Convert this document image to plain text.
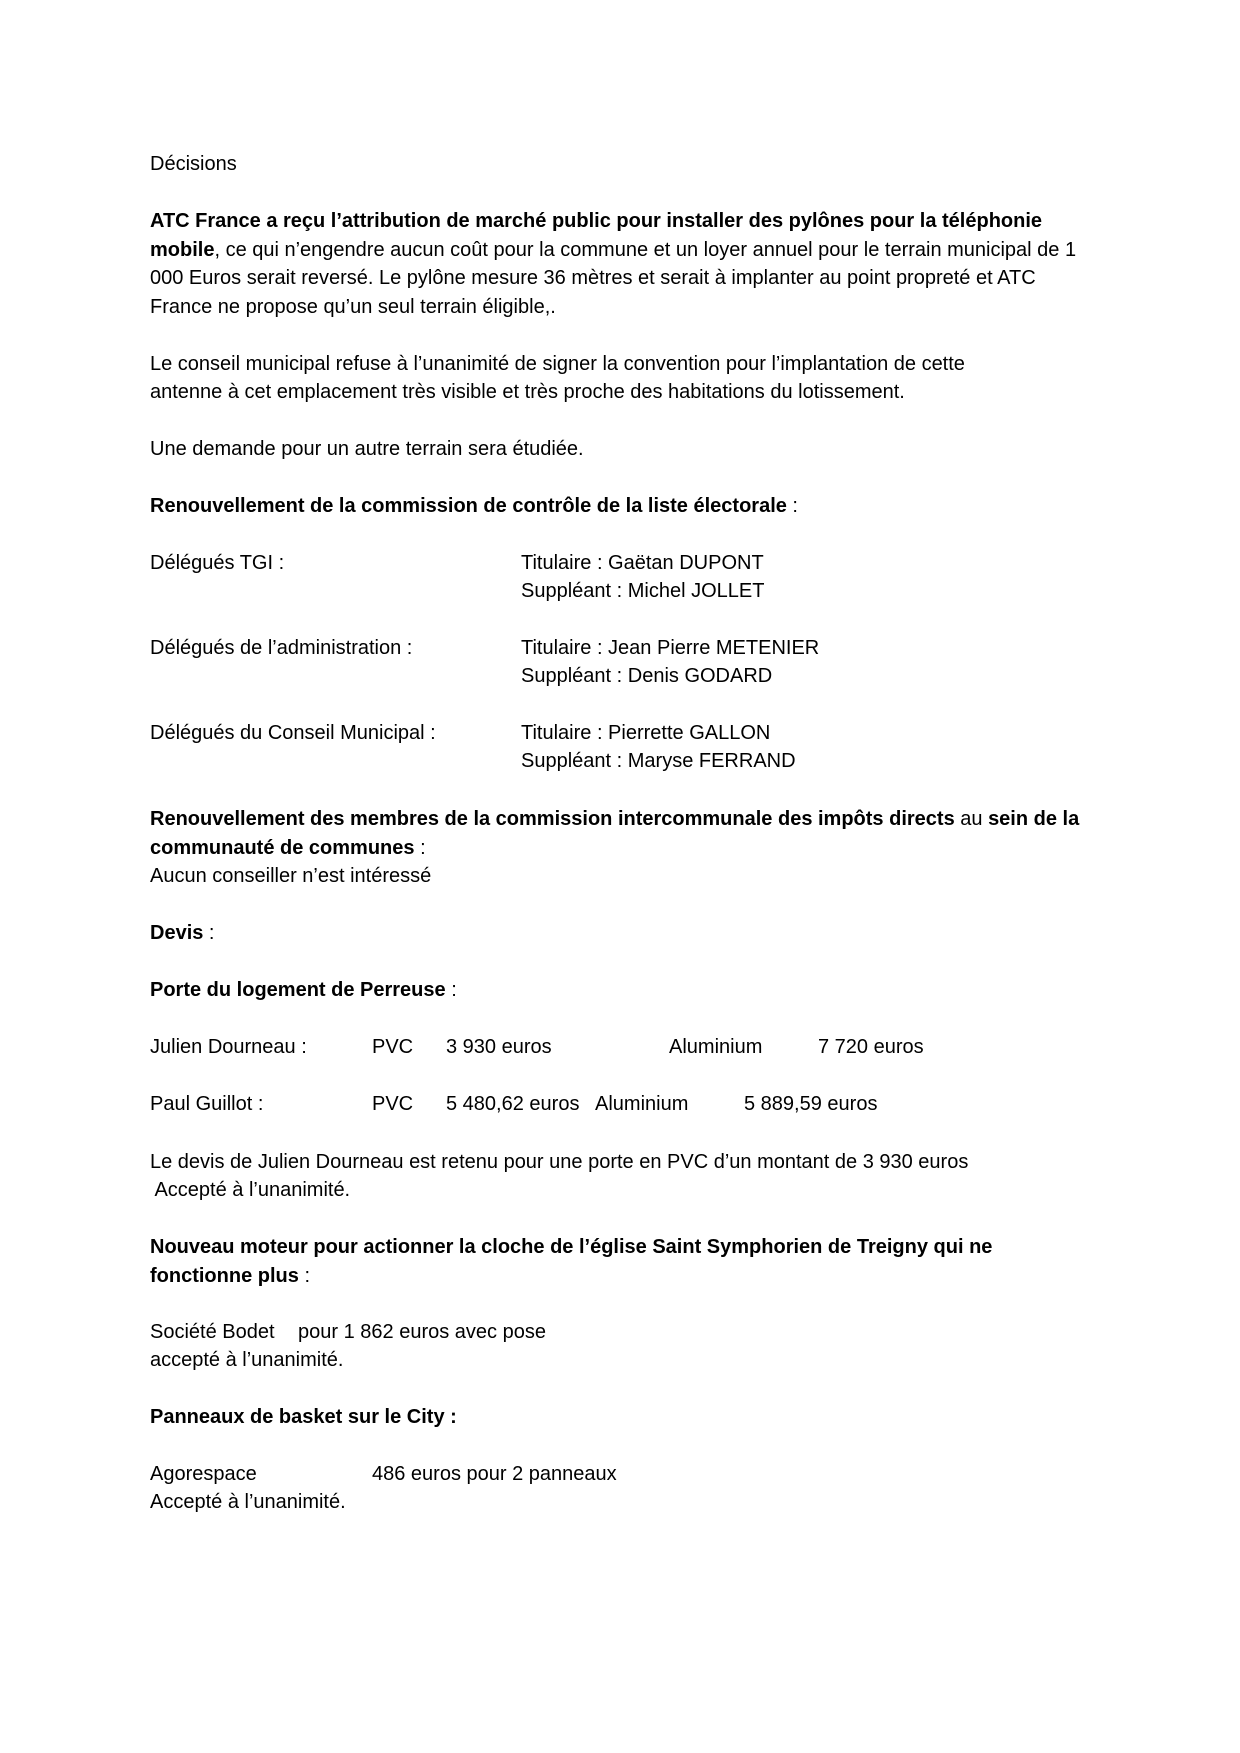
Décisions
ATC France a reçu l’attribution de marché public pour installer des pylônes pour la téléphonie mobile, ce qui n’engendre aucun coût pour la commune et un loyer annuel pour le terrain municipal de 1 000 Euros serait reversé. Le pylône mesure 36 mètres et serait à implanter au point propreté et ATC France ne propose qu’un seul terrain éligible,.
Le conseil municipal refuse à l’unanimité de signer la convention pour l’implantation de cette
antenne à cet emplacement très visible et très proche des habitations du lotissement.
Une demande pour un autre terrain sera étudiée.
Renouvellement de la commission de contrôle de la liste électorale :
Délégués TGI :	Titulaire : Gaëtan DUPONT
Suppléant : Michel JOLLET
Délégués de l’administration :	Titulaire : Jean Pierre METENIER
Suppléant : Denis GODARD
Délégués du Conseil Municipal :	Titulaire : Pierrette GALLON
Suppléant : Maryse FERRAND
Renouvellement des membres de la commission intercommunale des impôts directs au sein de la communauté de communes :
Aucun conseiller n’est intéressé
Devis :
Porte du logement de Perreuse :
Julien Dourneau :	PVC 3 930 euros	Aluminium	7 720 euros
Paul Guillot :	PVC 5 480,62 euros Aluminium	5 889,59 euros
Le devis de Julien Dourneau est retenu pour une porte en PVC d’un montant de 3 930 euros
Accepté à l’unanimité.
Nouveau moteur pour actionner la cloche de l’église Saint Symphorien de Treigny qui ne fonctionne plus :
Société Bodet pour 1 862 euros avec pose
accepté à l’unanimité.
Panneaux de basket sur le City :
Agorespace	486 euros pour 2 panneaux
Accepté à l’unanimité.
